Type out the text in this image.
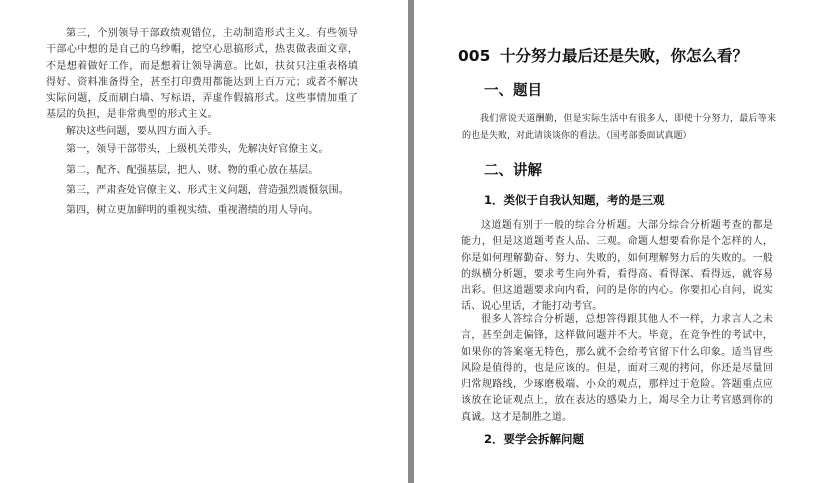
第三，个别领导干部政绩观错位，主动制造形式主义。有些领导干部心中想的是自己的乌纱帽，挖空心思搞形式，热衷做表面文章，不是想着做好工作，而是想着让领导满意。比如，扶贫只注重表格填得好、资料准备得全，甚至打印费用都能达到上百万元；或者不解决实际问题，反而刷白墙、写标语，弄虚作假搞形式。这些事情加重了基层的负担，是非常典型的形式主义。

解决这些问题，要从四方面入手。

第一，领导干部带头，上级机关带头，先解决好官僚主义。

第二，配齐、配强基层，把人、财、物的重心放在基层。

第三，严肃查处官僚主义、形式主义问题，营造强烈震慑氛围。

第四，树立更加鲜明的重视实绩、重视潜绩的用人导向。

005 十分努力最后还是失败，你怎么看？
一、题目

我们常说天道酬勤，但是实际生活中有很多人，即使十分努力，最后等来的也是失败，对此请谈谈你的看法。（国考部委面试真题）

二、讲解
1．类似于自我认知题，考的是三观

这道题有别于一般的综合分析题。大部分综合分析题考查的都是能力，但是这道题考查人品、三观。命题人想要看你是个怎样的人，你是如何理解勤奋、努力、失败的，如何理解努力后的失败的。一般的纵横分析题，要求考生向外看，看得高、看得深、看得远，就容易出彩。但这道题要求向内看，问的是你的内心。你要扣心自问，说实话、说心里话，才能打动考官。

很多人答综合分析题，总想答得跟其他人不一样，力求言人之未言，甚至剑走偏锋，这样做问题并不大。毕竟，在竞争性的考试中，如果你的答案毫无特色，那么就不会给考官留下什么印象。适当冒些风险是值得的，也是应该的。但是，面对三观的拷问，你还是尽量回归常规路线，少琢磨极端、小众的观点，那样过于危险。答题重点应该放在论证观点上，放在表达的感染力上，竭尽全力让考官感到你的真诚。这才是制胜之道。

2．要学会拆解问题
